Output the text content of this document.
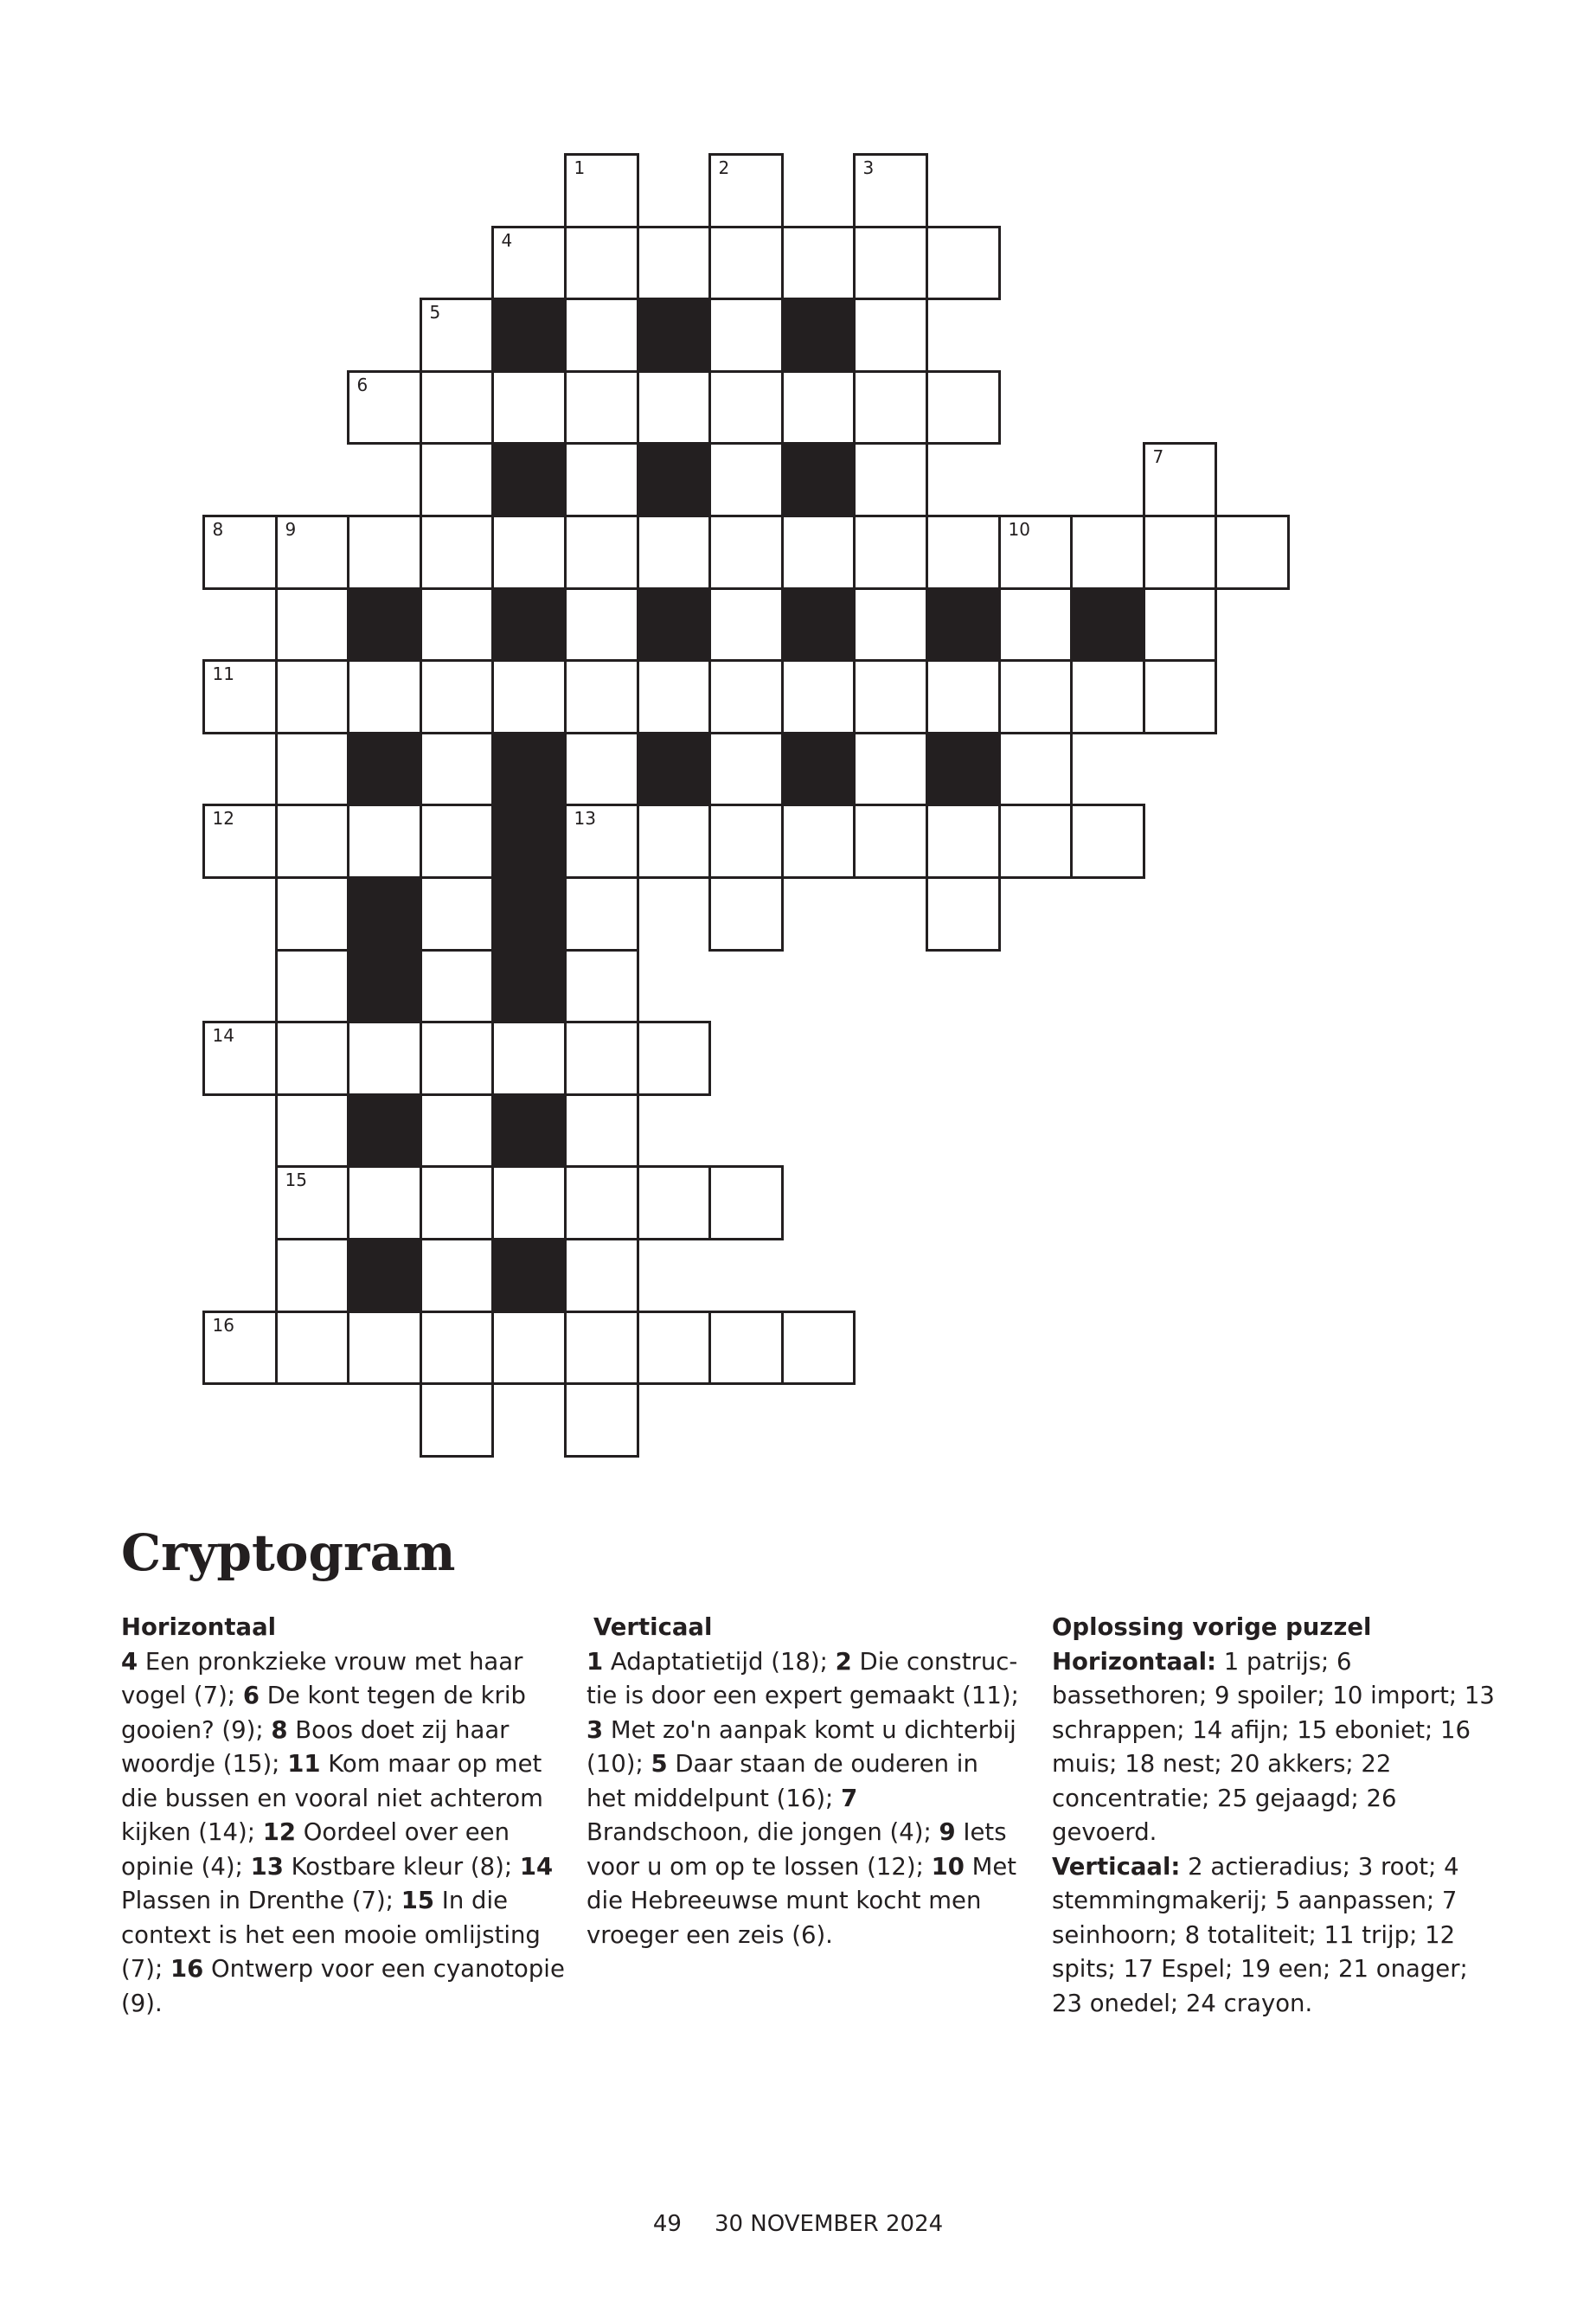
1	2	3
4
5
6
7
8	9	10
11
12	13
14
15
16
Cryptogram
Horizontaal

4 Een pronkzieke vrouw met haar vogel (7); 6 De kont tegen de krib gooien? (9); 8 Boos doet zij haar woordje (15); 11 Kom maar op met die bussen en vooral niet achterom kijken (14); 12 Oordeel over een opinie (4); 13 Kostbare kleur (8); 14 Plassen in Drenthe (7); 15 In die context is het een mooie omlijsting (7); 16 Ontwerp voor een cyanotopie (9).

Verticaal

1 Adaptatietijd (18); 2 Die constructie is door een expert gemaakt (11); 3 Met zo'n aanpak komt u dichterbij (10); 5 Daar staan de ouderen in het middelpunt (16); 7 Brandschoon, die jongen (4); 9 Iets voor u om op te lossen (12); 10 Met die Hebreeuwse munt kocht men vroeger een zeis (6).

Oplossing vorige puzzel

Horizontaal: 1 patrijs; 6 bassethoren; 9 spoiler; 10 import; 13 schrappen; 14 afijn; 15 eboniet; 16 muis; 18 nest; 20 akkers; 22 concentratie; 25 gejaagd; 26 gevoerd.

Verticaal: 2 actieradius; 3 root; 4 stemmingmakerij; 5 aanpassen; 7 seinhoorn; 8 totaliteit; 11 trijp; 12 spits; 17 Espel; 19 een; 21 onager; 23 onedel; 24 crayon.

49 30 NOVEMBER 2024
